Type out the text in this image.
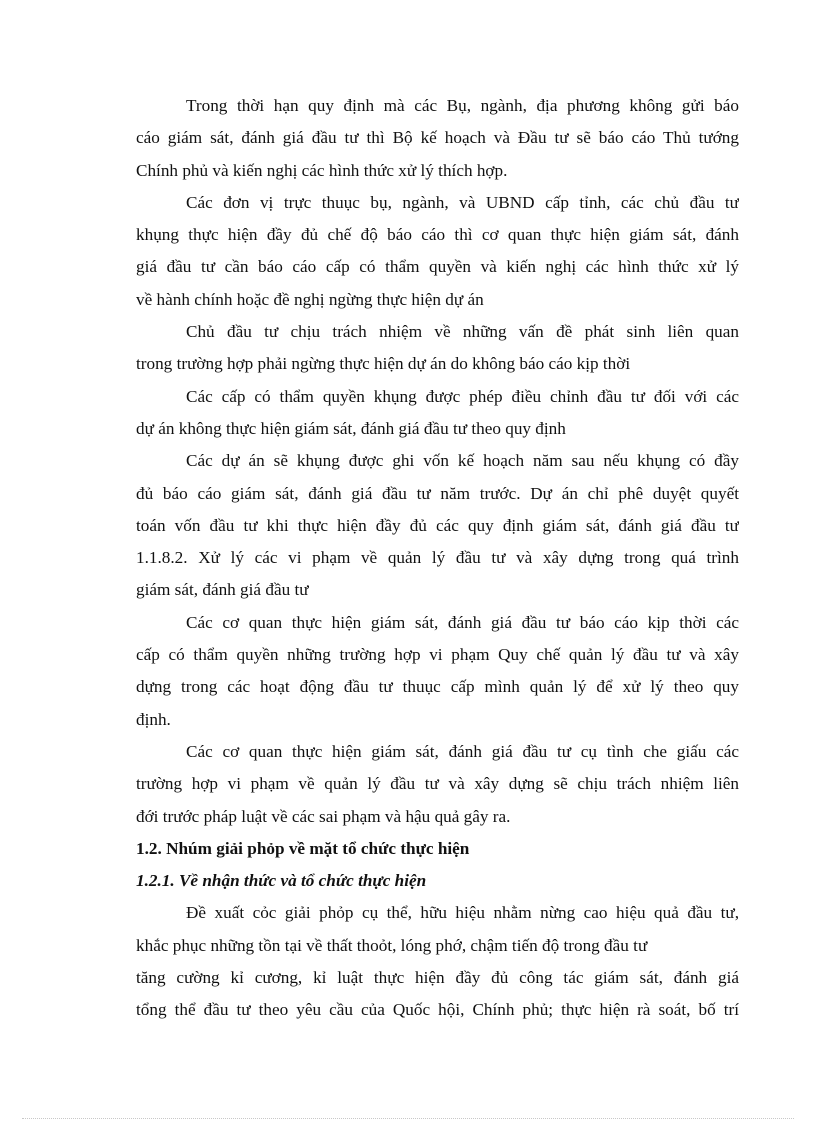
Trong thời hạn quy định mà các Bụ, ngành, địa phương không gửi báo
cáo giám sát, đánh giá đầu tư thì Bộ kế hoạch và Đầu tư sẽ báo cáo Thủ tướng
Chính phủ và kiến nghị các hình thức xử lý thích hợp.
Các đơn vị trực thuục bụ, ngành, và UBND cấp tỉnh, các chủ đầu tư
khụng thực hiện đầy đủ chế độ báo cáo thì cơ quan thực hiện giám sát, đánh
giá đầu tư cần báo cáo cấp có thẩm quyền và kiến nghị các hình thức xử lý
về hành chính hoặc đề nghị ngừng thực hiện dự án
Chủ đầu tư chịu trách nhiệm về những vấn đề phát sinh liên quan
trong trường hợp phải ngừng thực hiện dự án do không báo cáo kịp thời
Các cấp có thẩm quyền khụng được phép điều chỉnh đầu tư đối với các
dự án không thực hiện giám sát, đánh giá đầu tư theo quy định
Các dự án sẽ khụng được ghi vốn kế hoạch năm sau nếu khụng có đầy
đủ báo cáo giám sát, đánh giá đầu tư năm trước. Dự án chỉ phê duyệt quyết
toán vốn đầu tư khi thực hiện đầy đủ các quy định giám sát, đánh giá đầu tư
1.1.8.2. Xử lý các vi phạm về quản lý đầu tư và xây dựng trong quá trình
giám sát, đánh giá đầu tư
Các cơ quan thực hiện giám sát, đánh giá đầu tư báo cáo kịp thời các
cấp có thẩm quyền những trường hợp vi phạm Quy chế quản lý đầu tư và xây
dựng trong các hoạt động đầu tư thuục cấp mình quản lý để xử lý theo quy
định.
Các cơ quan thực hiện giám sát, đánh giá đầu tư cụ tình che giấu các
trường hợp vi phạm về quản lý đầu tư và xây dựng sẽ chịu trách nhiệm liên
đới trước pháp luật về các sai phạm và hậu quả gây ra.
1.2. Nhúm giải phỏp về mặt tổ chức thực hiện
1.2.1. Về nhận thức và tổ chức thực hiện
Đề xuất cỏc giải phỏp cụ thể, hữu hiệu nhằm nừng cao hiệu quả đầu tư,
khắc phục những tồn tại về thất thoỏt, lóng phớ, chậm tiến độ trong đầu tư
tăng cường kỉ cương, kỉ luật thực hiện đầy đủ công tác giám sát, đánh giá
tổng thể đầu tư theo yêu cầu của Quốc hội, Chính phủ; thực hiện rà soát, bố trí
